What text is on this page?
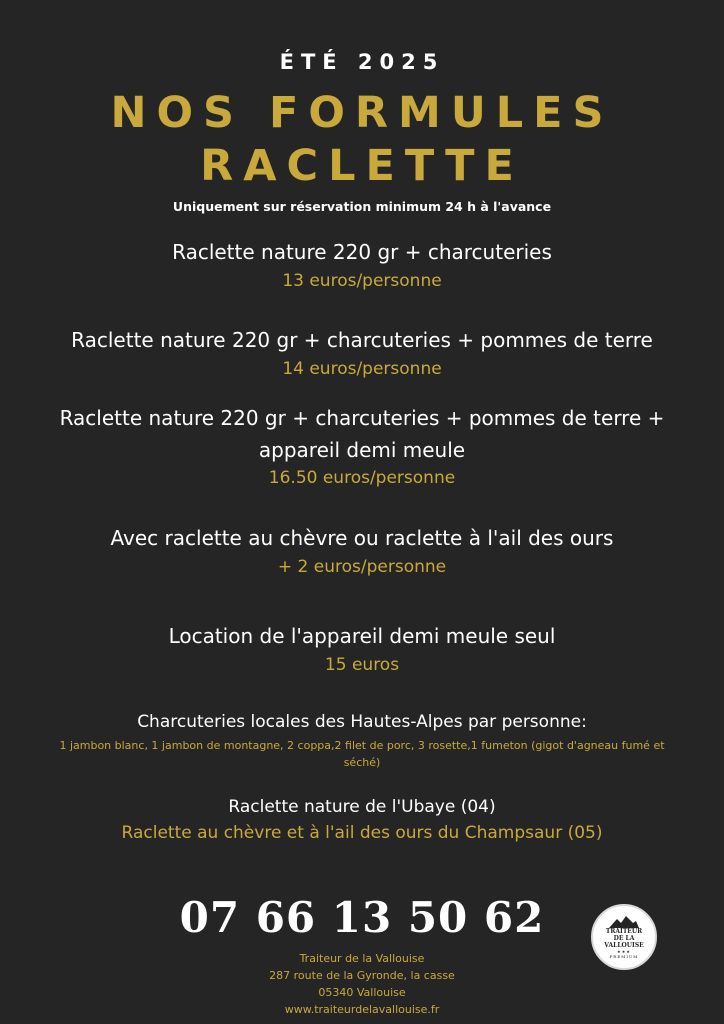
ÉTÉ 2025
NOS FORMULES
RACLETTE
Uniquement sur réservation minimum 24 h à l'avance
Raclette nature 220 gr + charcuteries
13 euros/personne
Raclette nature 220 gr + charcuteries + pommes de terre
14 euros/personne
Raclette nature 220 gr + charcuteries + pommes de terre +
appareil demi meule
16.50 euros/personne
Avec raclette au chèvre ou raclette à l'ail des ours
+ 2 euros/personne
Location de l'appareil demi meule seul
15 euros
Charcuteries locales des Hautes-Alpes par personne:
1 jambon blanc, 1 jambon de montagne, 2 coppa,2 filet de porc, 3 rosette,1 fumeton (gigot d'agneau fumé et
séché)
Raclette nature de l'Ubaye (04)
Raclette au chèvre et à l'ail des ours du Champsaur (05)
07 66 13 50 62
Traiteur de la Vallouise
287 route de la Gyronde, la casse
05340 Vallouise
www.traiteurdelavallouise.fr
TRAITEUR
DE LA
VALLOUISE
★★★
PREMIUM
